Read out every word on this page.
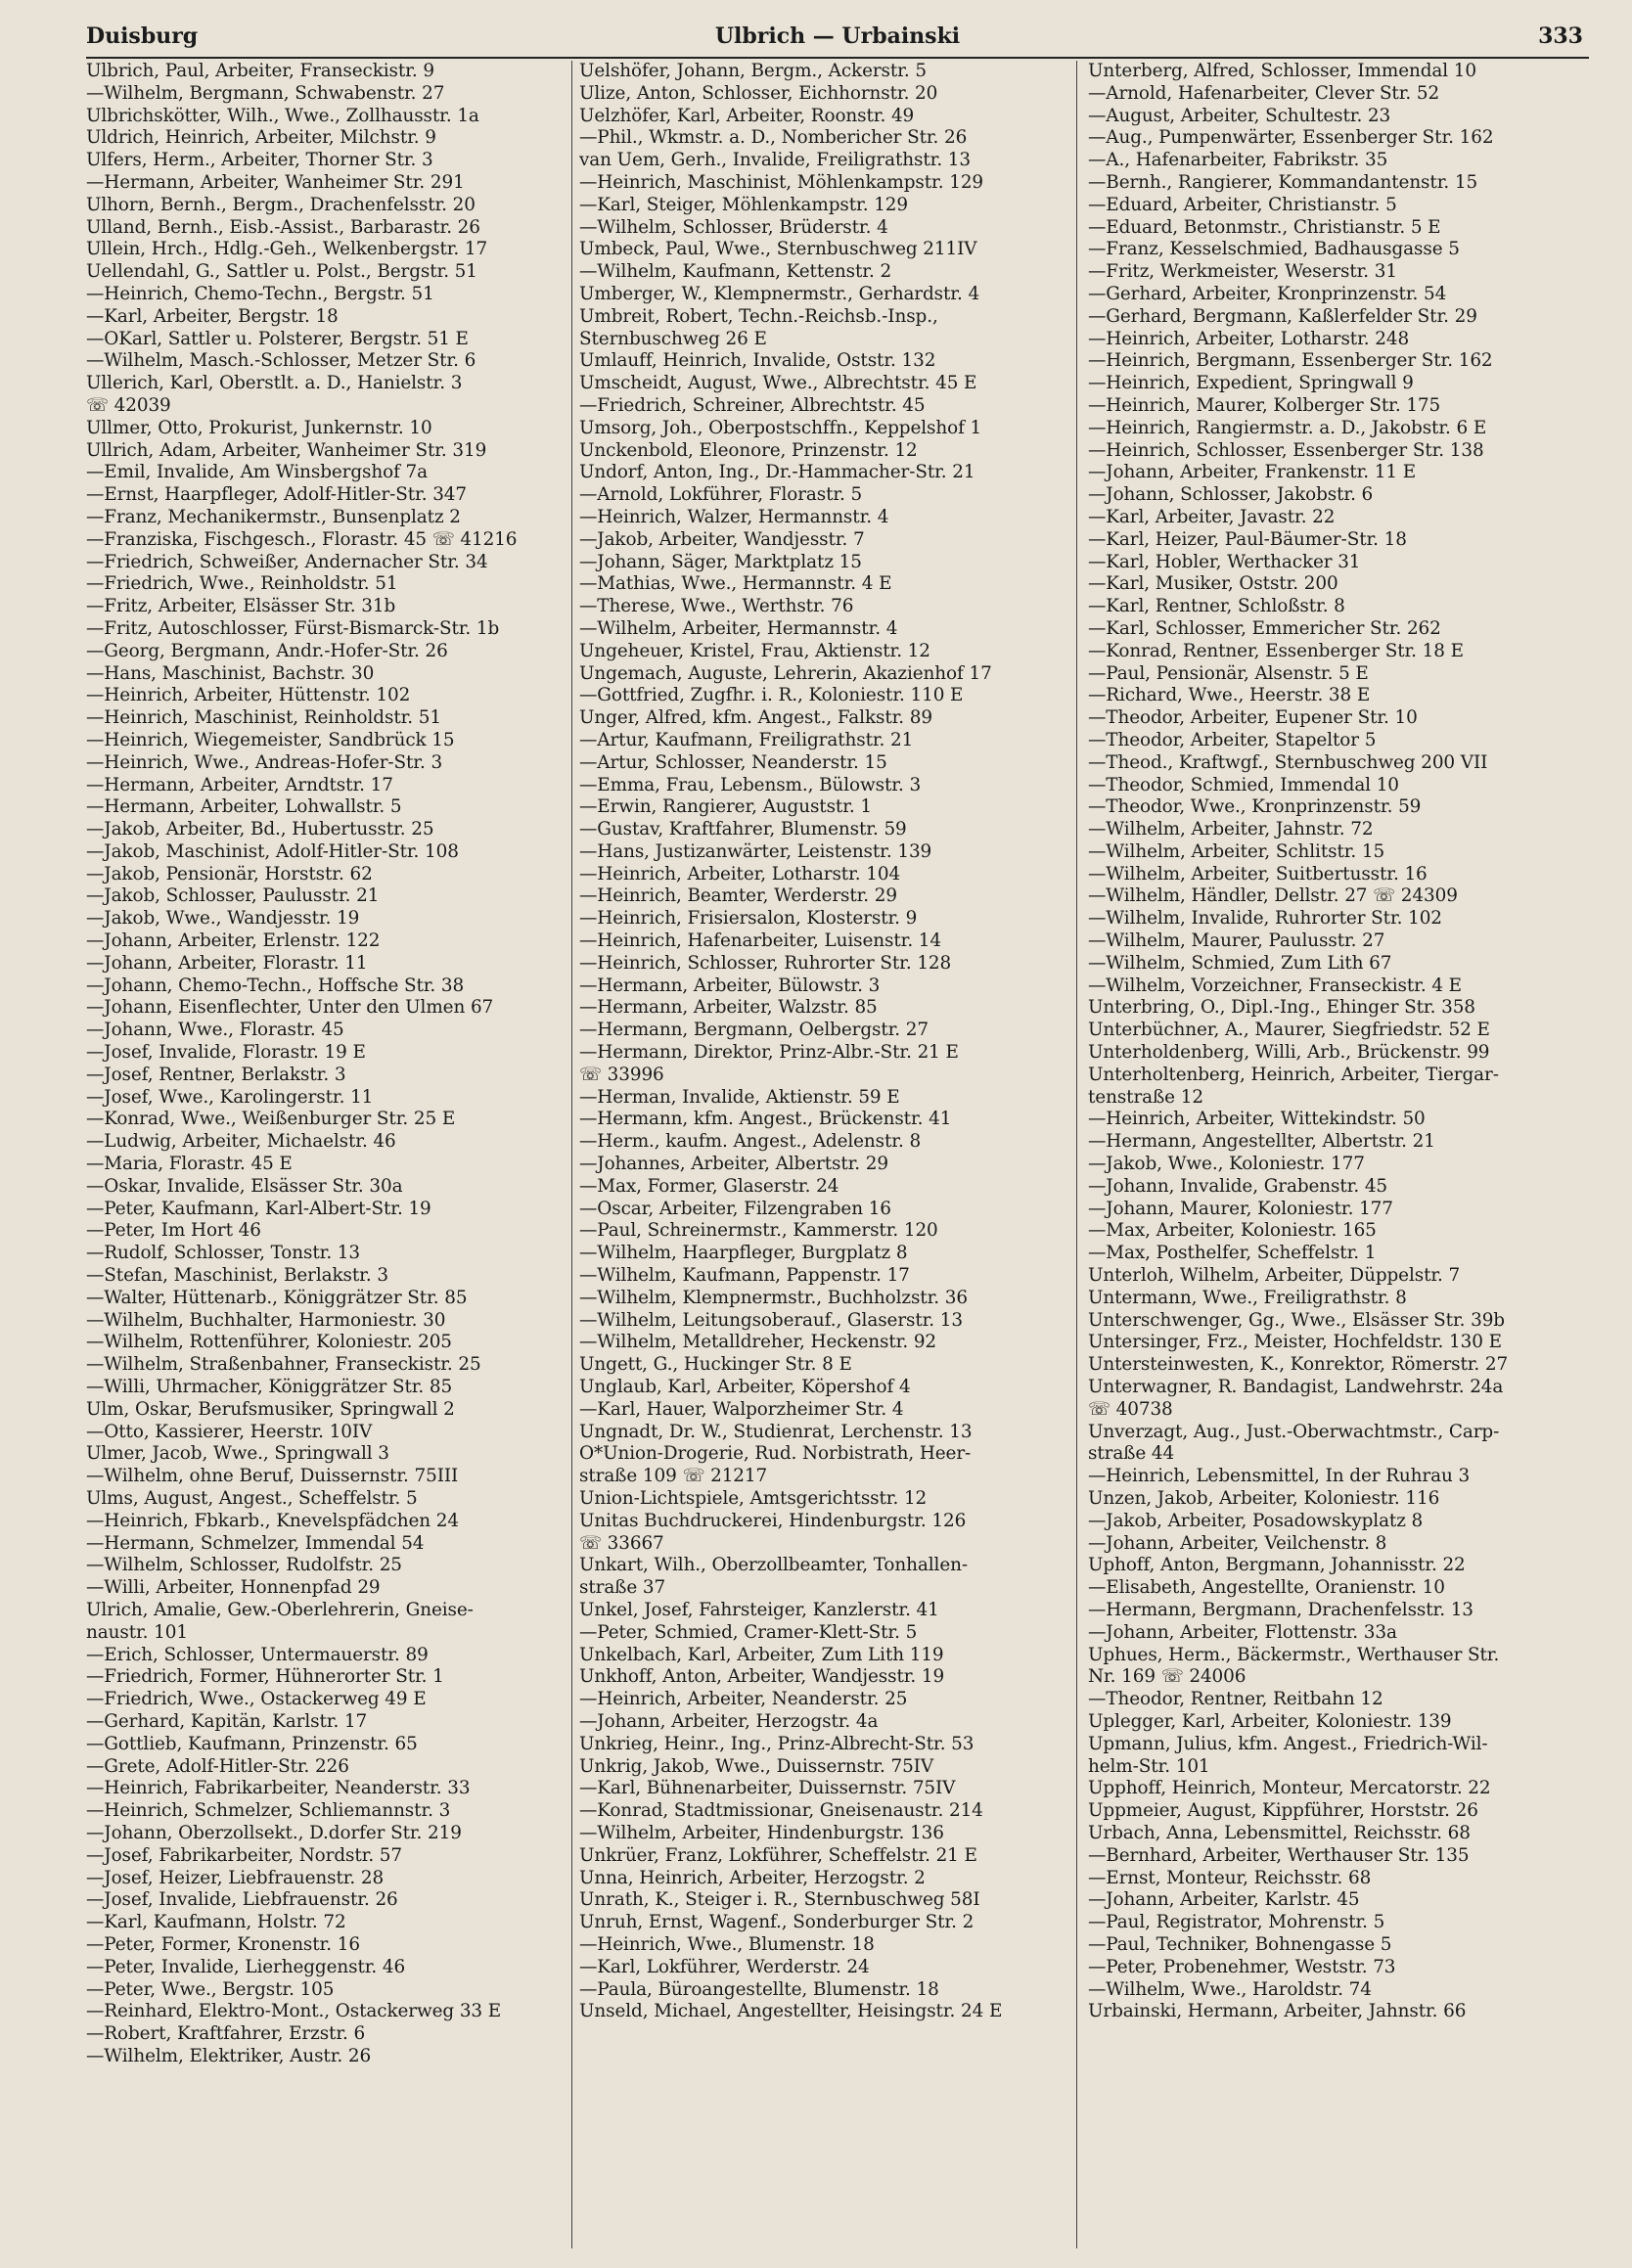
Duisburg	Ulbrich — Urbainski	333
Ulbrich, Paul, Arbeiter, Franseckistr. 9
—Wilhelm, Bergmann, Schwabenstr. 27
Ulbrichskötter, Wilh., Wwe., Zollhausstr. 1a
Uldrich, Heinrich, Arbeiter, Milchstr. 9
Ulfers, Herm., Arbeiter, Thorner Str. 3
—Hermann, Arbeiter, Wanheimer Str. 291
Ulhorn, Bernh., Bergm., Drachenfelsstr. 20
Ulland, Bernh., Eisb.-Assist., Barbarastr. 26
Ullein, Hrch., Hdlg.-Geh., Welkenbergstr. 17
Uellendahl, G., Sattler u. Polst., Bergstr. 51
—Heinrich, Chemo-Techn., Bergstr. 51
—Karl, Arbeiter, Bergstr. 18
—OKarl, Sattler u. Polsterer, Bergstr. 51 E
—Wilhelm, Masch.-Schlosser, Metzer Str. 6
Ullerich, Karl, Oberstlt. a. D., Hanielstr. 3
☏ 42039
Ullmer, Otto, Prokurist, Junkernstr. 10
Ullrich, Adam, Arbeiter, Wanheimer Str. 319
—Emil, Invalide, Am Winsbergshof 7a
—Ernst, Haarpfleger, Adolf-Hitler-Str. 347
—Franz, Mechanikermstr., Bunsenplatz 2
—Franziska, Fischgesch., Florastr. 45 ☏ 41216
—Friedrich, Schweißer, Andernacher Str. 34
—Friedrich, Wwe., Reinholdstr. 51
—Fritz, Arbeiter, Elsässer Str. 31b
—Fritz, Autoschlosser, Fürst-Bismarck-Str. 1b
—Georg, Bergmann, Andr.-Hofer-Str. 26
—Hans, Maschinist, Bachstr. 30
—Heinrich, Arbeiter, Hüttenstr. 102
—Heinrich, Maschinist, Reinholdstr. 51
—Heinrich, Wiegemeister, Sandbrück 15
—Heinrich, Wwe., Andreas-Hofer-Str. 3
—Hermann, Arbeiter, Arndtstr. 17
—Hermann, Arbeiter, Lohwallstr. 5
—Jakob, Arbeiter, Bd., Hubertusstr. 25
—Jakob, Maschinist, Adolf-Hitler-Str. 108
—Jakob, Pensionär, Horststr. 62
—Jakob, Schlosser, Paulusstr. 21
—Jakob, Wwe., Wandjesstr. 19
—Johann, Arbeiter, Erlenstr. 122
—Johann, Arbeiter, Florastr. 11
—Johann, Chemo-Techn., Hoffsche Str. 38
—Johann, Eisenflechter, Unter den Ulmen 67
—Johann, Wwe., Florastr. 45
—Josef, Invalide, Florastr. 19 E
—Josef, Rentner, Berlakstr. 3
—Josef, Wwe., Karolingerstr. 11
—Konrad, Wwe., Weißenburger Str. 25 E
—Ludwig, Arbeiter, Michaelstr. 46
—Maria, Florastr. 45 E
—Oskar, Invalide, Elsässer Str. 30a
—Peter, Kaufmann, Karl-Albert-Str. 19
—Peter, Im Hort 46
—Rudolf, Schlosser, Tonstr. 13
—Stefan, Maschinist, Berlakstr. 3
—Walter, Hüttenarb., Königgrätzer Str. 85
—Wilhelm, Buchhalter, Harmoniestr. 30
—Wilhelm, Rottenführer, Koloniestr. 205
—Wilhelm, Straßenbahner, Franseckistr. 25
—Willi, Uhrmacher, Königgrätzer Str. 85
Ulm, Oskar, Berufsmusiker, Springwall 2
—Otto, Kassierer, Heerstr. 10IV
Ulmer, Jacob, Wwe., Springwall 3
—Wilhelm, ohne Beruf, Duissernstr. 75III
Ulms, August, Angest., Scheffelstr. 5
—Heinrich, Fbkarb., Knevelspfädchen 24
—Hermann, Schmelzer, Immendal 54
—Wilhelm, Schlosser, Rudolfstr. 25
—Willi, Arbeiter, Honnenpfad 29
Ulrich, Amalie, Gew.-Oberlehrerin, Gneise-
naustr. 101
—Erich, Schlosser, Untermauerstr. 89
—Friedrich, Former, Hühnerorter Str. 1
—Friedrich, Wwe., Ostackerweg 49 E
—Gerhard, Kapitän, Karlstr. 17
—Gottlieb, Kaufmann, Prinzenstr. 65
—Grete, Adolf-Hitler-Str. 226
—Heinrich, Fabrikarbeiter, Neanderstr. 33
—Heinrich, Schmelzer, Schliemannstr. 3
—Johann, Oberzollsekt., D.dorfer Str. 219
—Josef, Fabrikarbeiter, Nordstr. 57
—Josef, Heizer, Liebfrauenstr. 28
—Josef, Invalide, Liebfrauenstr. 26
—Karl, Kaufmann, Holstr. 72
—Peter, Former, Kronenstr. 16
—Peter, Invalide, Lierheggenstr. 46
—Peter, Wwe., Bergstr. 105
—Reinhard, Elektro-Mont., Ostackerweg 33 E
—Robert, Kraftfahrer, Erzstr. 6
—Wilhelm, Elektriker, Austr. 26
Uelshöfer, Johann, Bergm., Ackerstr. 5
Ulize, Anton, Schlosser, Eichhornstr. 20
Uelzhöfer, Karl, Arbeiter, Roonstr. 49
—Phil., Wkmstr. a. D., Nombericher Str. 26
van Uem, Gerh., Invalide, Freiligrathstr. 13
—Heinrich, Maschinist, Möhlenkampstr. 129
—Karl, Steiger, Möhlenkampstr. 129
—Wilhelm, Schlosser, Brüderstr. 4
Umbeck, Paul, Wwe., Sternbuschweg 211IV
—Wilhelm, Kaufmann, Kettenstr. 2
Umberger, W., Klempnermstr., Gerhardstr. 4
Umbreit, Robert, Techn.-Reichsb.-Insp.,
Sternbuschweg 26 E
Umlauff, Heinrich, Invalide, Oststr. 132
Umscheidt, August, Wwe., Albrechtstr. 45 E
—Friedrich, Schreiner, Albrechtstr. 45
Umsorg, Joh., Oberpostschffn., Keppelshof 1
Unckenbold, Eleonore, Prinzenstr. 12
Undorf, Anton, Ing., Dr.-Hammacher-Str. 21
—Arnold, Lokführer, Florastr. 5
—Heinrich, Walzer, Hermannstr. 4
—Jakob, Arbeiter, Wandjesstr. 7
—Johann, Säger, Marktplatz 15
—Mathias, Wwe., Hermannstr. 4 E
—Therese, Wwe., Werthstr. 76
—Wilhelm, Arbeiter, Hermannstr. 4
Ungeheuer, Kristel, Frau, Aktienstr. 12
Ungemach, Auguste, Lehrerin, Akazienhof 17
—Gottfried, Zugfhr. i. R., Koloniestr. 110 E
Unger, Alfred, kfm. Angest., Falkstr. 89
—Artur, Kaufmann, Freiligrathstr. 21
—Artur, Schlosser, Neanderstr. 15
—Emma, Frau, Lebensm., Bülowstr. 3
—Erwin, Rangierer, Auguststr. 1
—Gustav, Kraftfahrer, Blumenstr. 59
—Hans, Justizanwärter, Leistenstr. 139
—Heinrich, Arbeiter, Lotharstr. 104
—Heinrich, Beamter, Werderstr. 29
—Heinrich, Frisiersalon, Klosterstr. 9
—Heinrich, Hafenarbeiter, Luisenstr. 14
—Heinrich, Schlosser, Ruhrorter Str. 128
—Hermann, Arbeiter, Bülowstr. 3
—Hermann, Arbeiter, Walzstr. 85
—Hermann, Bergmann, Oelbergstr. 27
—Hermann, Direktor, Prinz-Albr.-Str. 21 E
☏ 33996
—Herman, Invalide, Aktienstr. 59 E
—Hermann, kfm. Angest., Brückenstr. 41
—Herm., kaufm. Angest., Adelenstr. 8
—Johannes, Arbeiter, Albertstr. 29
—Max, Former, Glaserstr. 24
—Oscar, Arbeiter, Filzengraben 16
—Paul, Schreinermstr., Kammerstr. 120
—Wilhelm, Haarpfleger, Burgplatz 8
—Wilhelm, Kaufmann, Pappenstr. 17
—Wilhelm, Klempnermstr., Buchholzstr. 36
—Wilhelm, Leitungsoberauf., Glaserstr. 13
—Wilhelm, Metalldreher, Heckenstr. 92
Ungett, G., Huckinger Str. 8 E
Unglaub, Karl, Arbeiter, Köpershof 4
—Karl, Hauer, Walporzheimer Str. 4
Ungnadt, Dr. W., Studienrat, Lerchenstr. 13
O*Union-Drogerie, Rud. Norbistrath, Heer-
straße 109 ☏ 21217
Union-Lichtspiele, Amtsgerichtsstr. 12
Unitas Buchdruckerei, Hindenburgstr. 126
☏ 33667
Unkart, Wilh., Oberzollbeamter, Tonhallen-
straße 37
Unkel, Josef, Fahrsteiger, Kanzlerstr. 41
—Peter, Schmied, Cramer-Klett-Str. 5
Unkelbach, Karl, Arbeiter, Zum Lith 119
Unkhoff, Anton, Arbeiter, Wandjesstr. 19
—Heinrich, Arbeiter, Neanderstr. 25
—Johann, Arbeiter, Herzogstr. 4a
Unkrieg, Heinr., Ing., Prinz-Albrecht-Str. 53
Unkrig, Jakob, Wwe., Duissernstr. 75IV
—Karl, Bühnenarbeiter, Duissernstr. 75IV
—Konrad, Stadtmissionar, Gneisenaustr. 214
—Wilhelm, Arbeiter, Hindenburgstr. 136
Unkrüer, Franz, Lokführer, Scheffelstr. 21 E
Unna, Heinrich, Arbeiter, Herzogstr. 2
Unrath, K., Steiger i. R., Sternbuschweg 58I
Unruh, Ernst, Wagenf., Sonderburger Str. 2
—Heinrich, Wwe., Blumenstr. 18
—Karl, Lokführer, Werderstr. 24
—Paula, Büroangestellte, Blumenstr. 18
Unseld, Michael, Angestellter, Heisingstr. 24 E
Unterberg, Alfred, Schlosser, Immendal 10
—Arnold, Hafenarbeiter, Clever Str. 52
—August, Arbeiter, Schultestr. 23
—Aug., Pumpenwärter, Essenberger Str. 162
—A., Hafenarbeiter, Fabrikstr. 35
—Bernh., Rangierer, Kommandantenstr. 15
—Eduard, Arbeiter, Christianstr. 5
—Eduard, Betonmstr., Christianstr. 5 E
—Franz, Kesselschmied, Badhausgasse 5
—Fritz, Werkmeister, Weserstr. 31
—Gerhard, Arbeiter, Kronprinzenstr. 54
—Gerhard, Bergmann, Kaßlerfelder Str. 29
—Heinrich, Arbeiter, Lotharstr. 248
—Heinrich, Bergmann, Essenberger Str. 162
—Heinrich, Expedient, Springwall 9
—Heinrich, Maurer, Kolberger Str. 175
—Heinrich, Rangiermstr. a. D., Jakobstr. 6 E
—Heinrich, Schlosser, Essenberger Str. 138
—Johann, Arbeiter, Frankenstr. 11 E
—Johann, Schlosser, Jakobstr. 6
—Karl, Arbeiter, Javastr. 22
—Karl, Heizer, Paul-Bäumer-Str. 18
—Karl, Hobler, Werthacker 31
—Karl, Musiker, Oststr. 200
—Karl, Rentner, Schloßstr. 8
—Karl, Schlosser, Emmericher Str. 262
—Konrad, Rentner, Essenberger Str. 18 E
—Paul, Pensionär, Alsenstr. 5 E
—Richard, Wwe., Heerstr. 38 E
—Theodor, Arbeiter, Eupener Str. 10
—Theodor, Arbeiter, Stapeltor 5
—Theod., Kraftwgf., Sternbuschweg 200 VII
—Theodor, Schmied, Immendal 10
—Theodor, Wwe., Kronprinzenstr. 59
—Wilhelm, Arbeiter, Jahnstr. 72
—Wilhelm, Arbeiter, Schlitstr. 15
—Wilhelm, Arbeiter, Suitbertusstr. 16
—Wilhelm, Händler, Dellstr. 27 ☏ 24309
—Wilhelm, Invalide, Ruhrorter Str. 102
—Wilhelm, Maurer, Paulusstr. 27
—Wilhelm, Schmied, Zum Lith 67
—Wilhelm, Vorzeichner, Franseckistr. 4 E
Unterbring, O., Dipl.-Ing., Ehinger Str. 358
Unterbüchner, A., Maurer, Siegfriedstr. 52 E
Unterholdenberg, Willi, Arb., Brückenstr. 99
Unterholtenberg, Heinrich, Arbeiter, Tiergar-
tenstraße 12
—Heinrich, Arbeiter, Wittekindstr. 50
—Hermann, Angestellter, Albertstr. 21
—Jakob, Wwe., Koloniestr. 177
—Johann, Invalide, Grabenstr. 45
—Johann, Maurer, Koloniestr. 177
—Max, Arbeiter, Koloniestr. 165
—Max, Posthelfer, Scheffelstr. 1
Unterloh, Wilhelm, Arbeiter, Düppelstr. 7
Untermann, Wwe., Freiligrathstr. 8
Unterschwenger, Gg., Wwe., Elsässer Str. 39b
Untersinger, Frz., Meister, Hochfeldstr. 130 E
Untersteinwesten, K., Konrektor, Römerstr. 27
Unterwagner, R. Bandagist, Landwehrstr. 24a
☏ 40738
Unverzagt, Aug., Just.-Oberwachtmstr., Carp-
straße 44
—Heinrich, Lebensmittel, In der Ruhrau 3
Unzen, Jakob, Arbeiter, Koloniestr. 116
—Jakob, Arbeiter, Posadowskyplatz 8
—Johann, Arbeiter, Veilchenstr. 8
Uphoff, Anton, Bergmann, Johannisstr. 22
—Elisabeth, Angestellte, Oranienstr. 10
—Hermann, Bergmann, Drachenfelsstr. 13
—Johann, Arbeiter, Flottenstr. 33a
Uphues, Herm., Bäckermstr., Werthauser Str.
Nr. 169 ☏ 24006
—Theodor, Rentner, Reitbahn 12
Uplegger, Karl, Arbeiter, Koloniestr. 139
Upmann, Julius, kfm. Angest., Friedrich-Wil-
helm-Str. 101
Upphoff, Heinrich, Monteur, Mercatorstr. 22
Uppmeier, August, Kippführer, Horststr. 26
Urbach, Anna, Lebensmittel, Reichsstr. 68
—Bernhard, Arbeiter, Werthauser Str. 135
—Ernst, Monteur, Reichsstr. 68
—Johann, Arbeiter, Karlstr. 45
—Paul, Registrator, Mohrenstr. 5
—Paul, Techniker, Bohnengasse 5
—Peter, Probenehmer, Weststr. 73
—Wilhelm, Wwe., Haroldstr. 74
Urbainski, Hermann, Arbeiter, Jahnstr. 66
